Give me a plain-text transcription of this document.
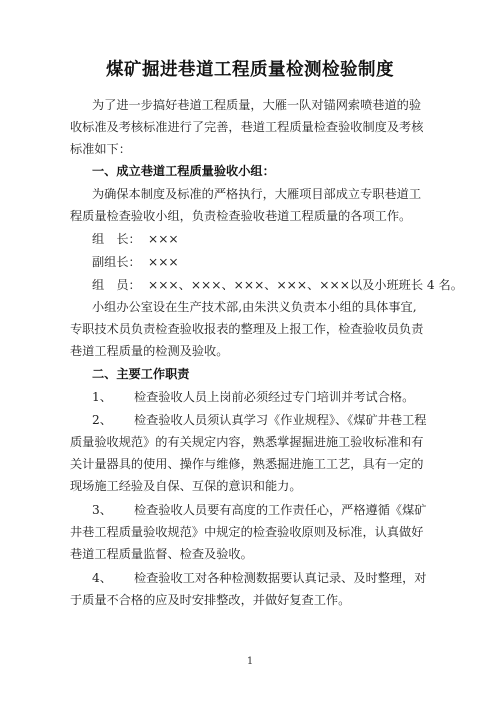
煤矿掘进巷道工程质量检测检验制度
为了进一步搞好巷道工程质量，大雁一队对锚网索喷巷道的验
收标准及考核标准进行了完善，巷道工程质量检查验收制度及考核
标准如下：
一、成立巷道工程质量验收小组：
为确保本制度及标准的严格执行，大雁项目部成立专职巷道工
程质量检查验收小组，负责检查验收巷道工程质量的各项工作。
组　长： ×××
副组长： ×××
组　员： ×××、×××、×××、×××、×××以及小班班长 4 名。
小组办公室设在生产技术部,由朱洪义负责本小组的具体事宜,
专职技术员负责检查验收报表的整理及上报工作，检查验收员负责
巷道工程质量的检测及验收。
二、主要工作职责
1、 检查验收人员上岗前必须经过专门培训并考试合格。
2、 检查验收人员须认真学习《作业规程》、《煤矿井巷工程
质量验收规范》的有关规定内容，熟悉掌握掘进施工验收标准和有
关计量器具的使用、操作与维修，熟悉掘进施工工艺，具有一定的
现场施工经验及自保、互保的意识和能力。
3、 检查验收人员要有高度的工作责任心，严格遵循《煤矿
井巷工程质量验收规范》中规定的检查验收原则及标准，认真做好
巷道工程质量监督、检查及验收。
4、 检查验收工对各种检测数据要认真记录、及时整理，对
于质量不合格的应及时安排整改，并做好复查工作。
1
